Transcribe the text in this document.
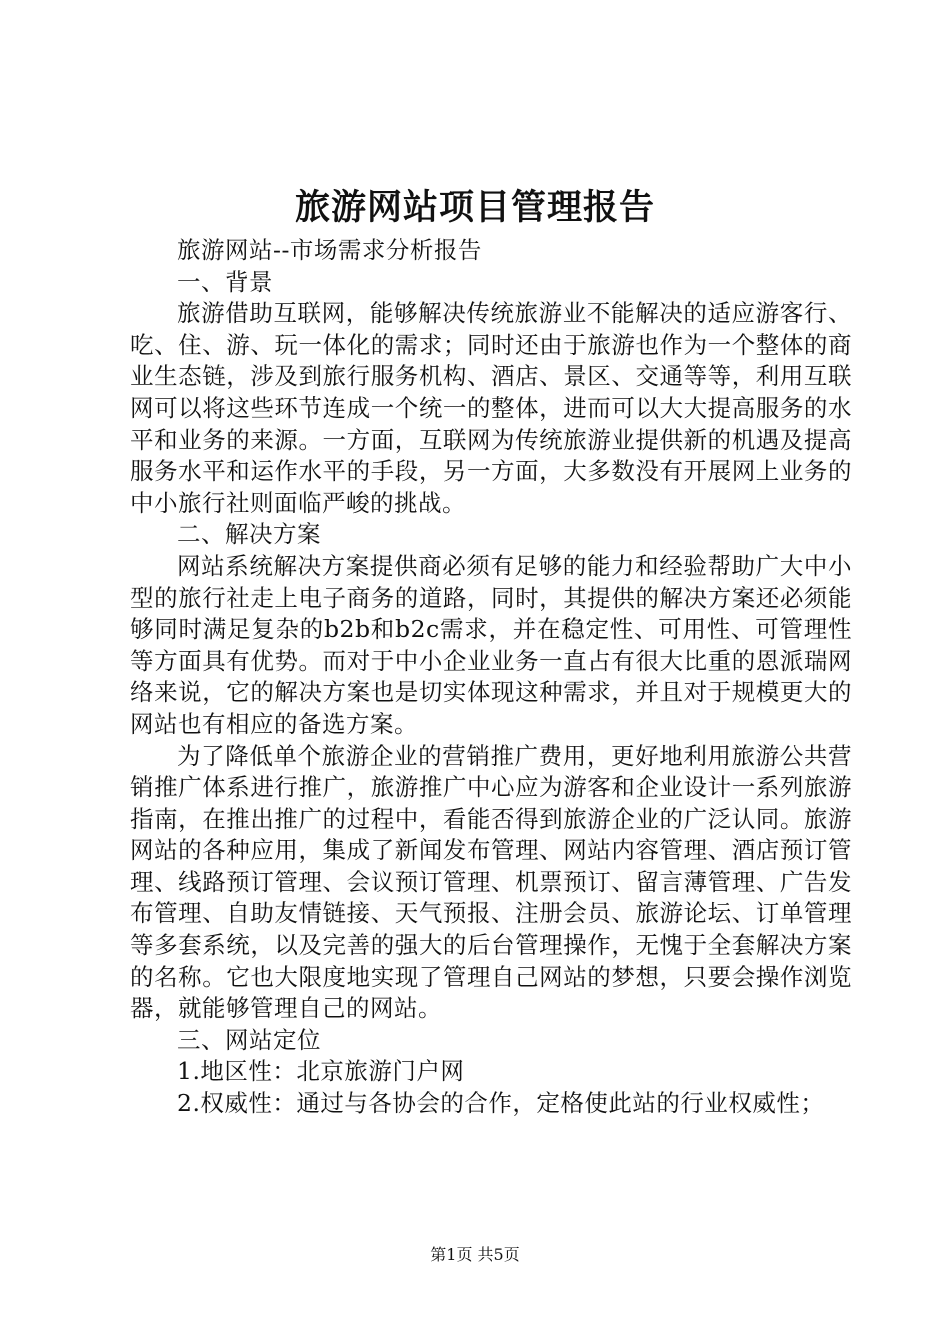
旅游网站项目管理报告

旅游网站--市场需求分析报告

一、背景

旅游借助互联网，能够解决传统旅游业不能解决的适应游客行、吃、住、游、玩一体化的需求；同时还由于旅游也作为一个整体的商业生态链，涉及到旅行服务机构、酒店、景区、交通等等，利用互联网可以将这些环节连成一个统一的整体，进而可以大大提高服务的水平和业务的来源。一方面，互联网为传统旅游业提供新的机遇及提高服务水平和运作水平的手段，另一方面，大多数没有开展网上业务的中小旅行社则面临严峻的挑战。

二、解决方案

网站系统解决方案提供商必须有足够的能力和经验帮助广大中小型的旅行社走上电子商务的道路，同时，其提供的解决方案还必须能够同时满足复杂的b2b和b2c需求，并在稳定性、可用性、可管理性等方面具有优势。而对于中小企业业务一直占有很大比重的恩派瑞网络来说，它的解决方案也是切实体现这种需求，并且对于规模更大的网站也有相应的备选方案。

为了降低单个旅游企业的营销推广费用，更好地利用旅游公共营销推广体系进行推广，旅游推广中心应为游客和企业设计一系列旅游指南，在推出推广的过程中，看能否得到旅游企业的广泛认同。旅游网站的各种应用，集成了新闻发布管理、网站内容管理、酒店预订管理、线路预订管理、会议预订管理、机票预订、留言薄管理、广告发布管理、自助友情链接、天气预报、注册会员、旅游论坛、订单管理等多套系统，以及完善的强大的后台管理操作，无愧于全套解决方案的名称。它也大限度地实现了管理自己网站的梦想，只要会操作浏览器，就能够管理自己的网站。

三、网站定位

1.地区性：北京旅游门户网

2.权威性：通过与各协会的合作，定格使此站的行业权威性；

第1页 共5页
